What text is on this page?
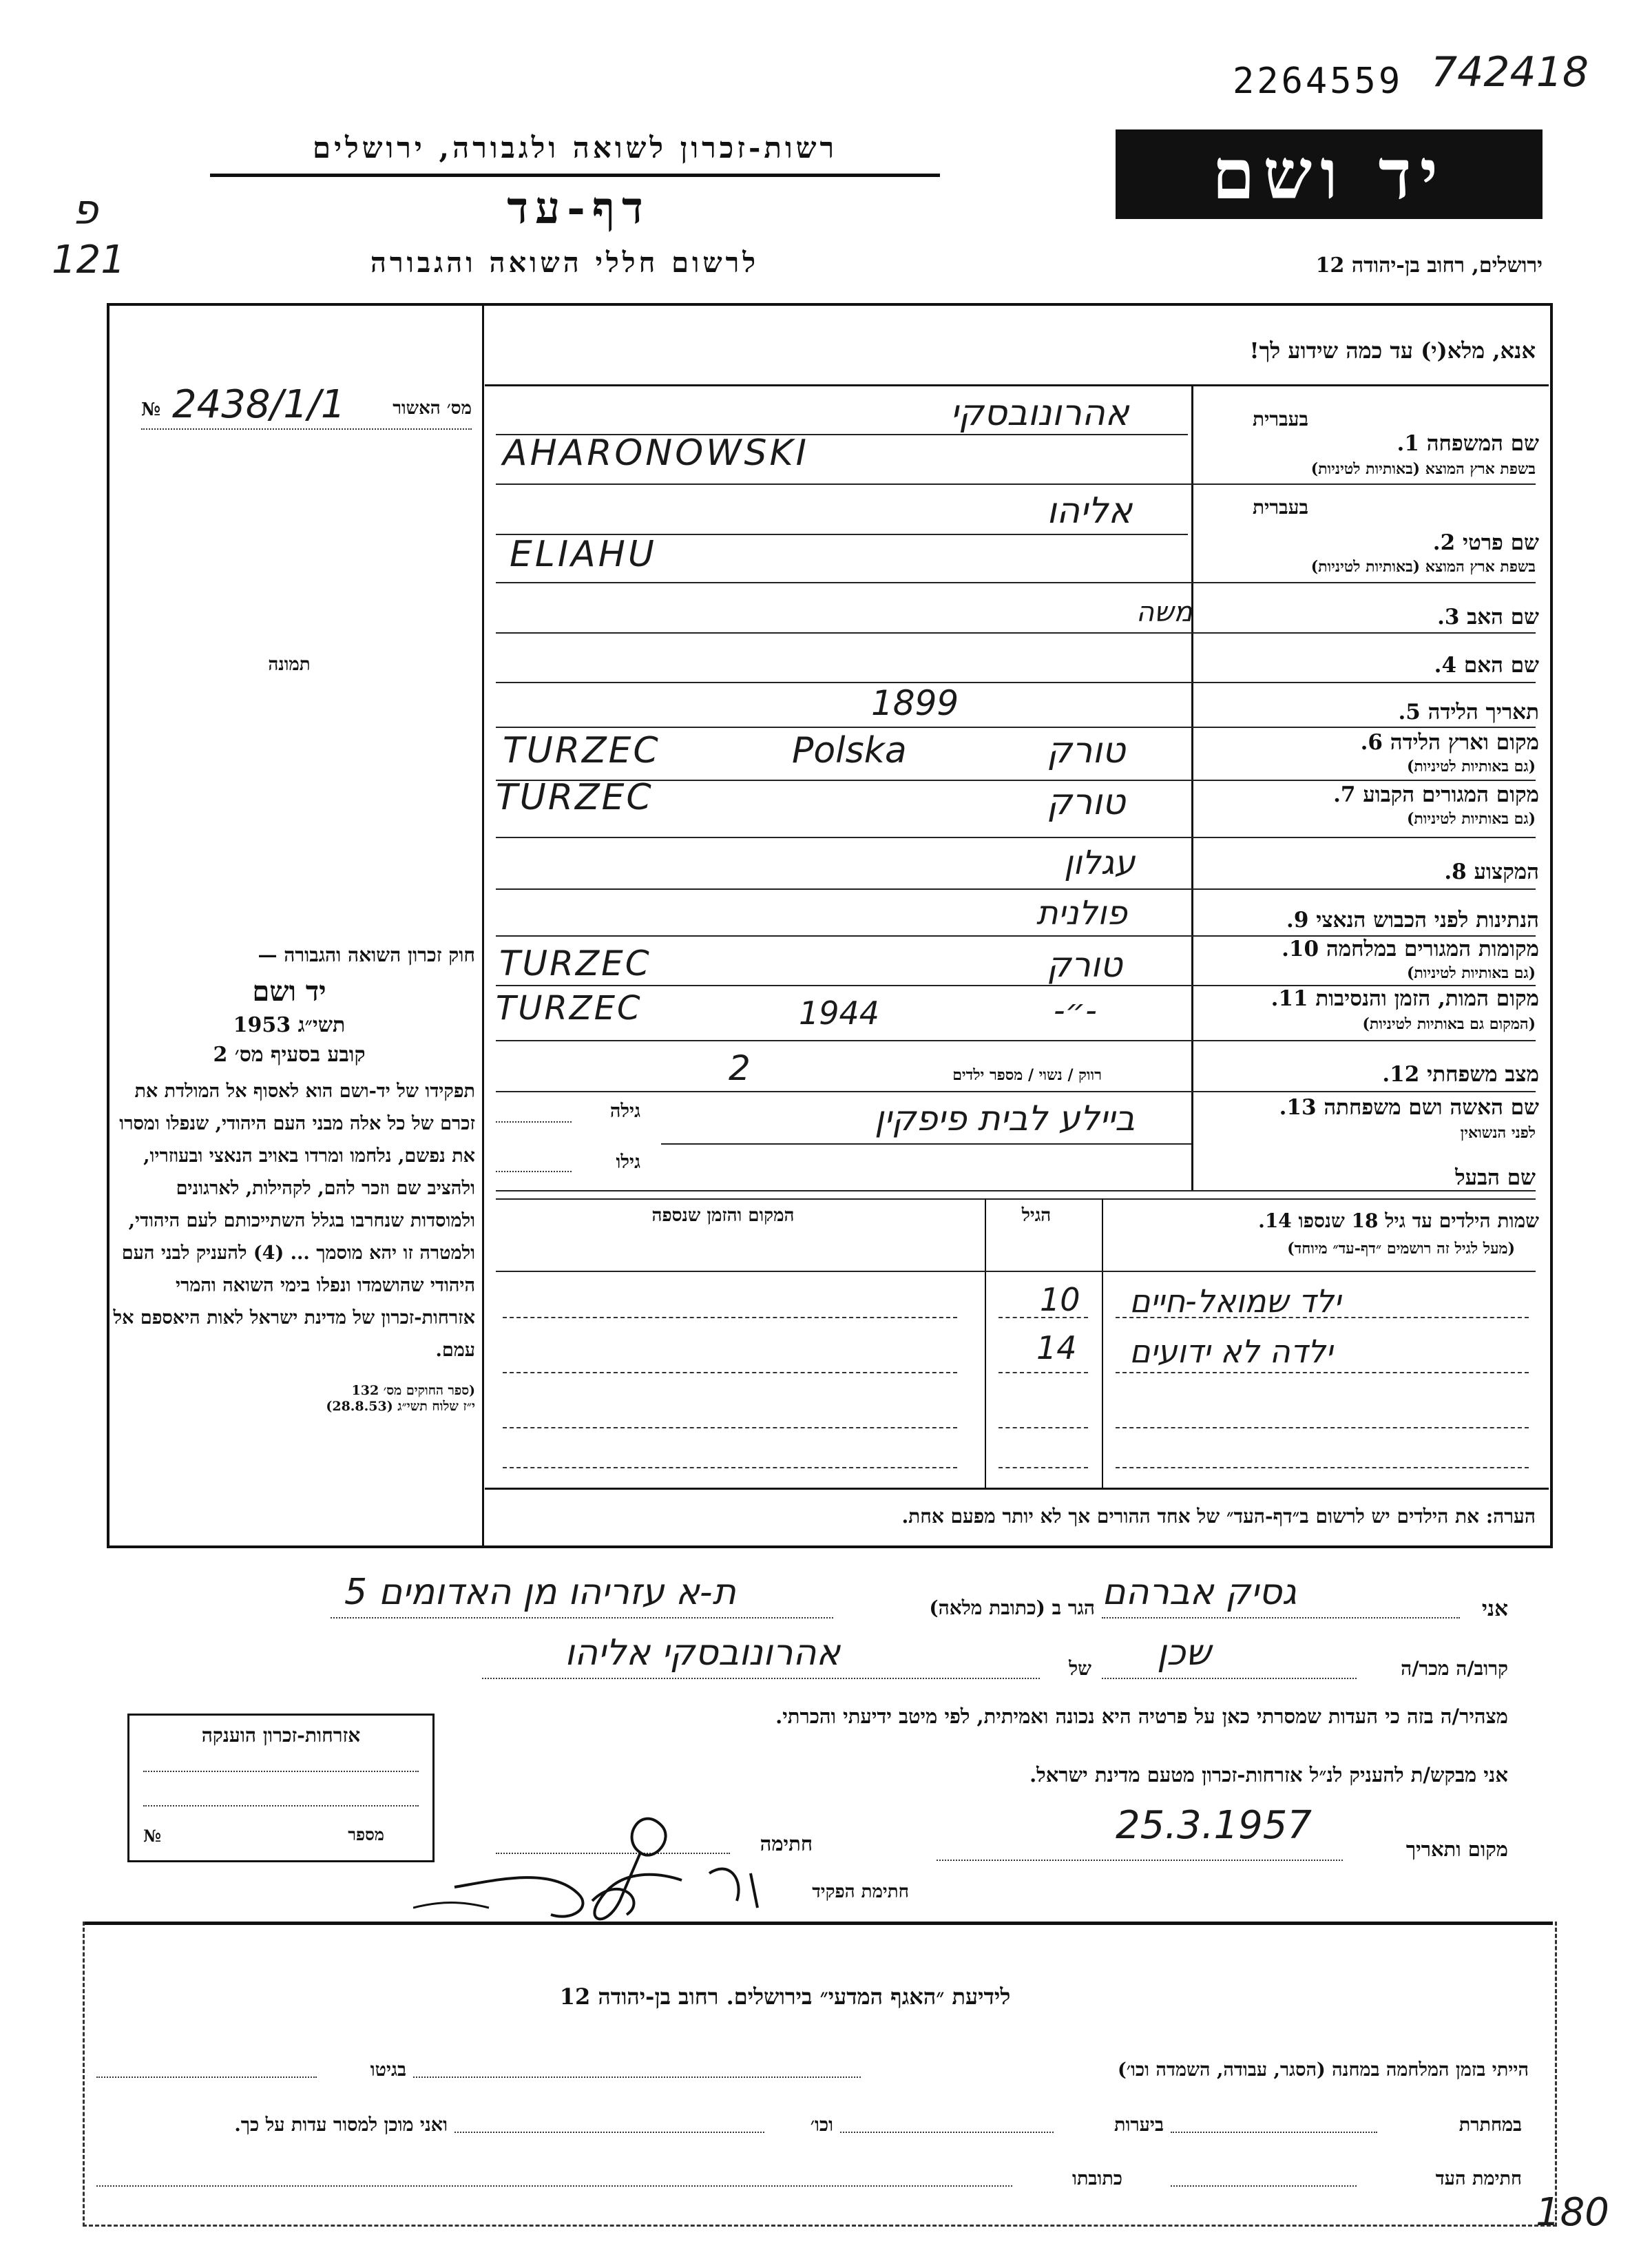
2264559 742418
רשות-זכרון לשואה ולגבורה, ירושלים
דף-עד
לרשום חללי השואה והגבורה
יד ושם
ירושלים, רחוב בן-יהודה 12
פ
121
אנא, מלא(י) עד כמה שידוע לך!
№ 2438/1/1	מס׳ האשור
תמונה
חוק זכרון השואה והגבורה —
יד ושם
תשי״ג 1953
קובע בסעיף מס׳ 2
תפקידו של יד-ושם הוא לאסוף אל המולדת את זכרם של כל אלה מבני העם היהודי, שנפלו ומסרו את נפשם, נלחמו ומרדו באויב הנאצי ובעוזריו, ולהציב שם וזכר להם, לקהילות, לארגונים ולמוסדות שנחרבו בגלל השתייכותם לעם היהודי, ולמטרה זו יהא מוסמך ... (4) להעניק לבני העם היהודי שהושמדו ונפלו בימי השואה והמרי אזרחות-זכרון של מדינת ישראל לאות היאספם אל עמם.
(ספר החוקים מס׳ 132
י״ז שלוח תשי״ג (28.8.53)
בעברית
שם המשפחה 1.
בשפת ארץ המוצא (באותיות לטיניות)
אהרונובסקי
AHARONOWSKI
בעברית
שם פרטי 2.
בשפת ארץ המוצא (באותיות לטיניות)
אליהו
ELIAHU
שם האב 3.
משה
שם האם 4.
תאריך הלידה 5.
1899
מקום וארץ הלידה 6.
(גם באותיות לטיניות)
TURZEC	Polska	טורק
מקום המגורים הקבוע 7.
(גם באותיות לטיניות)
TURZEC	טורק
המקצוע 8.
עגלון
הנתינות לפני הכבוש הנאצי 9.
פולנית
מקומות המגורים במלחמה 10.
(גם באותיות לטיניות)
TURZEC	טורק
מקום המות, הזמן והנסיבות 11.
(המקום גם באותיות לטיניות)
TURZEC	1944	-״-
מצב משפחתי 12.
רווק / נשוי / מספר ילדים
2
שם האשה ושם משפחתה 13.
לפני הנשואין
גילה	ביילע לבית פיפקין
גילו
שם הבעל
שמות הילדים עד גיל 18 שנספו 14.
(מעל לגיל זה רושמים ״דף-עד״ מיוחד)
הגיל
המקום והזמן שנספה
ילד שמואל-חיים
10
ילדה לא ידועים
14
הערה: את הילדים יש לרשום ב״דף-העד״ של אחד ההורים אך לא יותר מפעם אחת.
אני
גסיק אברהם
הגר ב (כתובת מלאה)
ת-א עזריהו מן האדומים 5
קרוב/ה מכר/ה
שכן
של
אהרונובסקי אליהו
מצהיר/ה בזה כי העדות שמסרתי כאן על פרטיה היא נכונה ואמיתית, לפי מיטב ידיעתי והכרתי.
אני מבקש/ת להעניק לנ״ל אזרחות-זכרון מטעם מדינת ישראל.
מקום ותאריך
25.3.1957
חתימה
חתימת הפקיד
אזרחות-זכרון הוענקה
№	מספר
לידיעת ״האגף המדעי״ בירושלים. רחוב בן-יהודה 12
הייתי בזמן המלחמה במחנה (הסגר, עבודה, השמדה וכו׳)
בגיטו
במחתרת
ביערות
וכו׳
ואני מוכן למסור עדות על כך.
חתימת העד
כתובתו
180
